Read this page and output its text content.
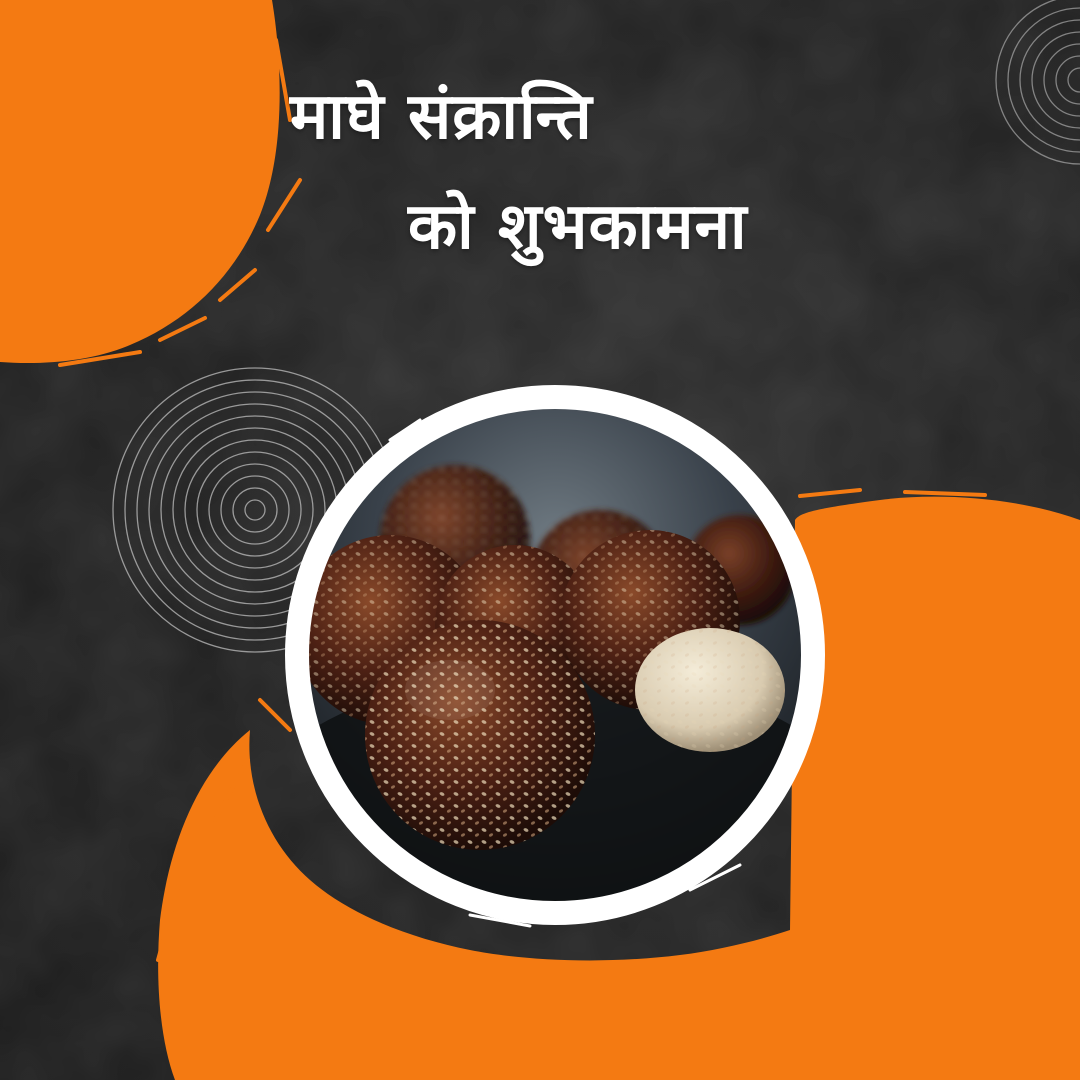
माघे संक्रान्ति
को शुभकामना
